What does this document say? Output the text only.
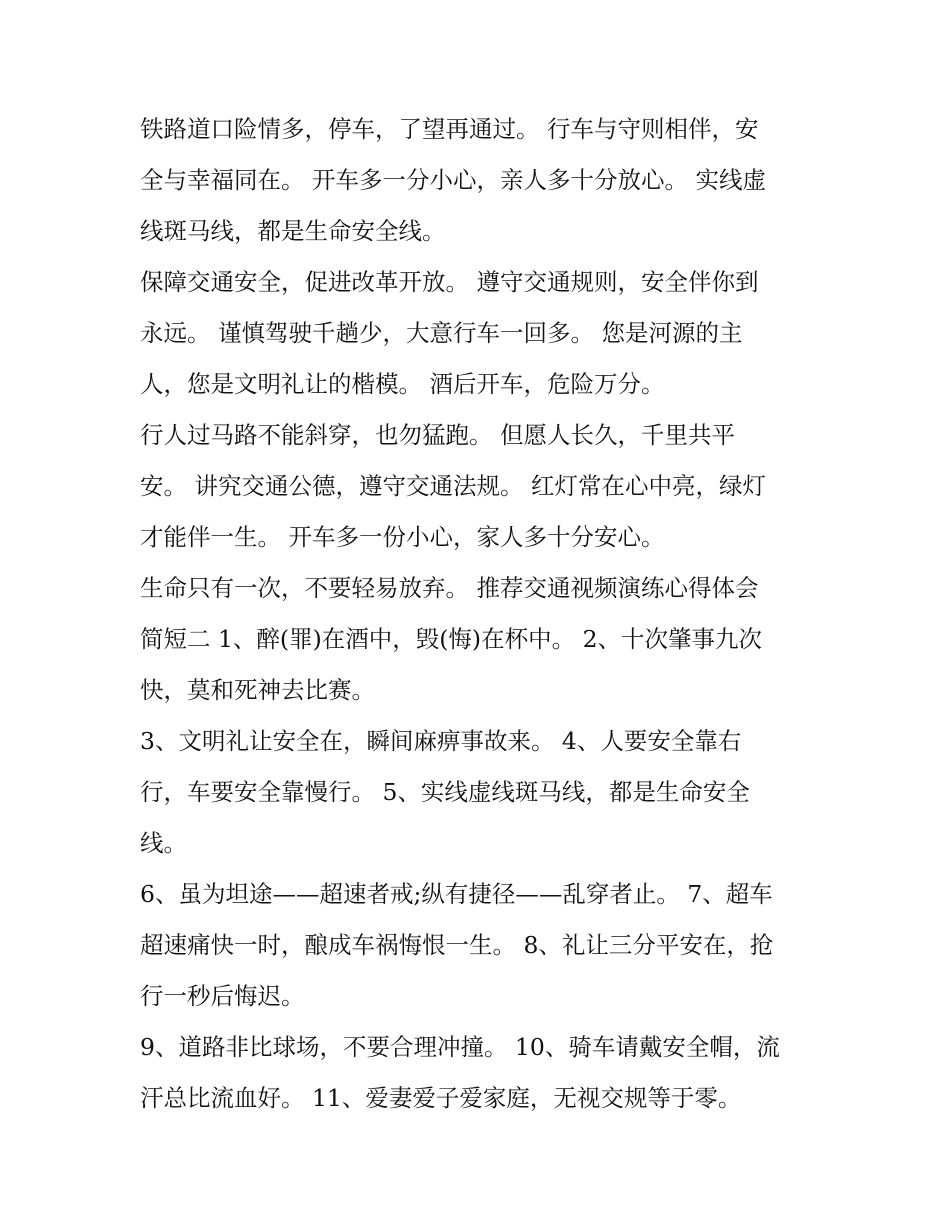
铁路道口险情多，停车，了望再通过。 行车与守则相伴，安
全与幸福同在。 开车多一分小心，亲人多十分放心。 实线虚
线斑马线，都是生命安全线。

保障交通安全，促进改革开放。 遵守交通规则，安全伴你到
永远。 谨慎驾驶千趟少，大意行车一回多。 您是河源的主
人，您是文明礼让的楷模。 酒后开车，危险万分。

行人过马路不能斜穿，也勿猛跑。 但愿人长久，千里共平
安。 讲究交通公德，遵守交通法规。 红灯常在心中亮，绿灯
才能伴一生。 开车多一份小心，家人多十分安心。

生命只有一次，不要轻易放弃。 推荐交通视频演练心得体会
简短二 1、醉(罪)在酒中，毁(悔)在杯中。 2、十次肇事九次
快，莫和死神去比赛。

3、文明礼让安全在，瞬间麻痹事故来。 4、人要安全靠右
行，车要安全靠慢行。 5、实线虚线斑马线，都是生命安全
线。

6、虽为坦途——超速者戒;纵有捷径——乱穿者止。 7、超车
超速痛快一时，酿成车祸悔恨一生。 8、礼让三分平安在，抢
行一秒后悔迟。

9、道路非比球场，不要合理冲撞。 10、骑车请戴安全帽，流
汗总比流血好。 11、爱妻爱子爱家庭，无视交规等于零。
